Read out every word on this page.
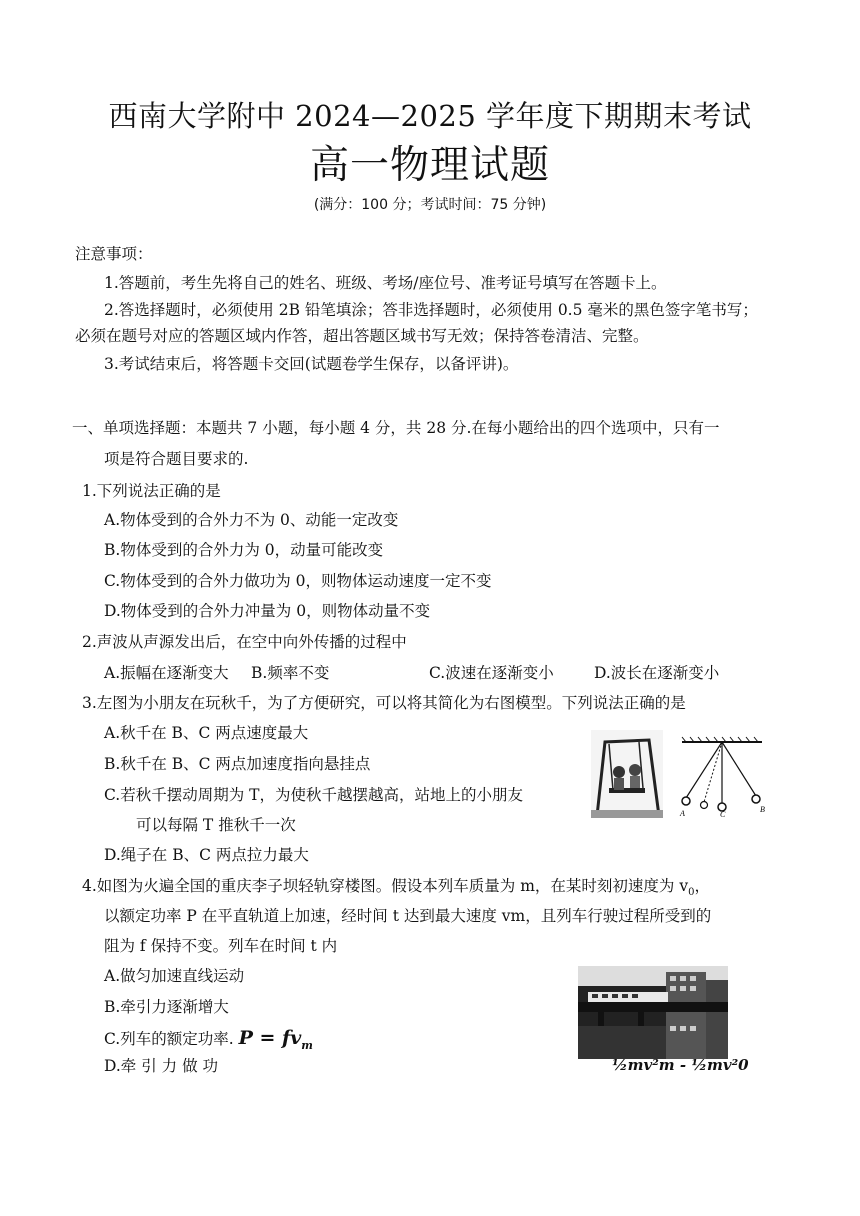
西南大学附中 2024—2025 学年度下期期末考试
高一物理试题
(满分：100 分；考试时间：75 分钟)
注意事项：
1.答题前，考生先将自己的姓名、班级、考场/座位号、准考证号填写在答题卡上。
2.答选择题时，必须使用 2B 铅笔填涂；答非选择题时，必须使用 0.5 毫米的黑色签字笔书写；
必须在题号对应的答题区域内作答，超出答题区域书写无效；保持答卷清洁、完整。
3.考试结束后，将答题卡交回(试题卷学生保存，以备评讲)。
一、单项选择题：本题共 7 小题，每小题 4 分，共 28 分.在每小题给出的四个选项中，只有一
项是符合题目要求的.
1.下列说法正确的是
A.物体受到的合外力不为 0、动能一定改变
B.物体受到的合外力为 0，动量可能改变
C.物体受到的合外力做功为 0，则物体运动速度一定不变
D.物体受到的合外力冲量为 0，则物体动量不变
2.声波从声源发出后，在空中向外传播的过程中
A.振幅在逐渐变大 B.频率不变	C.波速在逐渐变小	D.波长在逐渐变小
3.左图为小朋友在玩秋千，为了方便研究，可以将其简化为右图模型。下列说法正确的是
A.秋千在 B、C 两点速度最大
B.秋千在 B、C 两点加速度指向悬挂点
C.若秋千摆动周期为 T，为使秋千越摆越高，站地上的小朋友
可以每隔 T 推秋千一次
D.绳子在 B、C 两点拉力最大
A	C
B
4.如图为火遍全国的重庆李子坝轻轨穿楼图。假设本列车质量为 m，在某时刻初速度为 $v_0$，
以额定功率 P 在平直轨道上加速，经时间 t 达到最大速度 vm，且列车行驶过程所受到的
阻为 f 保持不变。列车在时间 t 内
A.做匀加速直线运动
B.牵引力逐渐增大
C.列车的额定功率. $P = fv_m$
D.牵 引 力 做 功	½mv²m - ½mv²0
